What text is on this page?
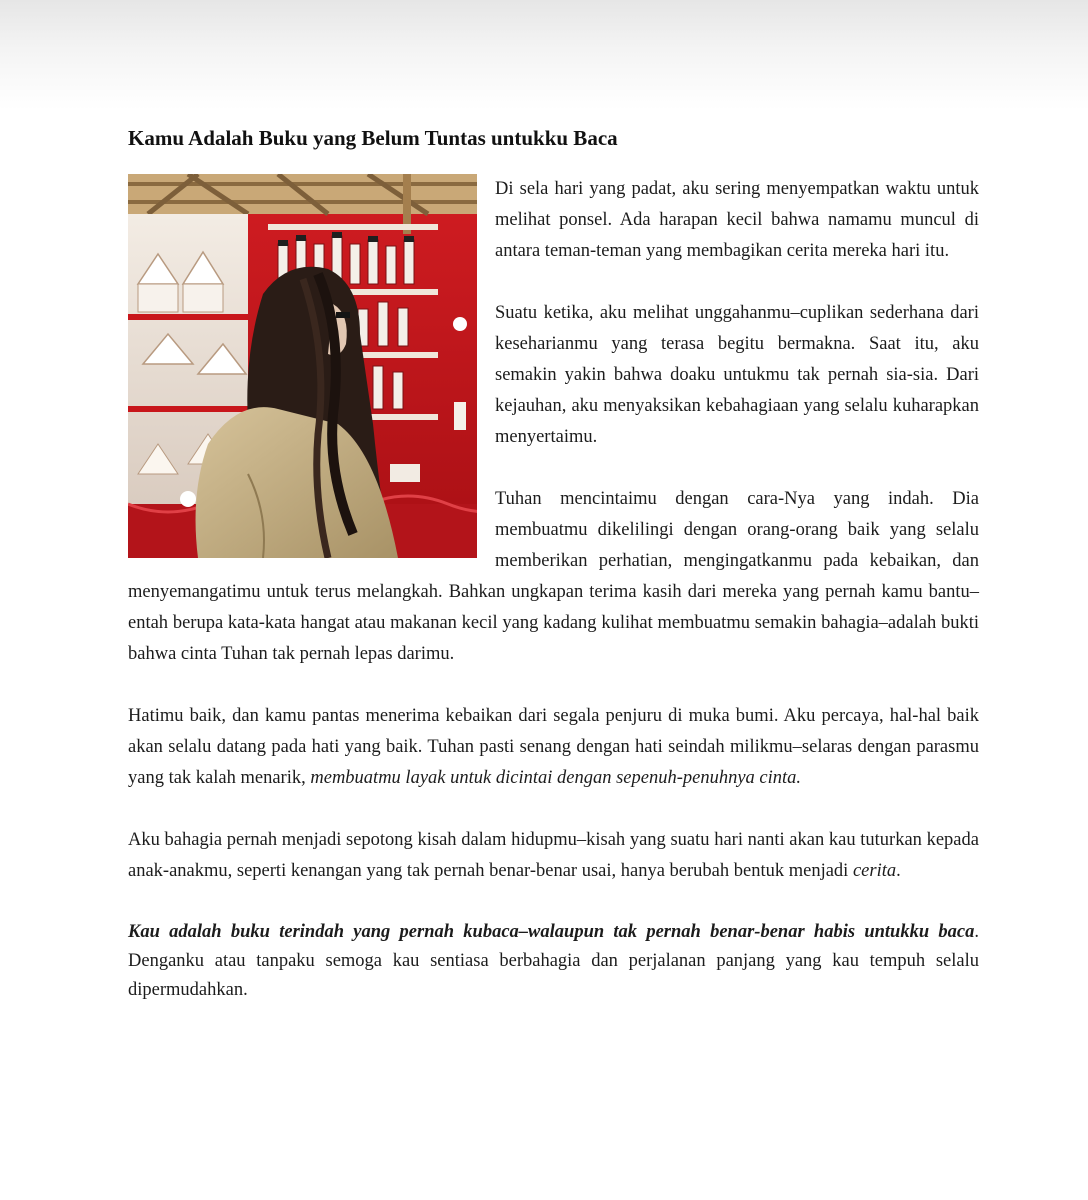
Kamu Adalah Buku yang Belum Tuntas untukku Baca

Di sela hari yang padat, aku sering menyempatkan waktu untuk melihat ponsel. Ada harapan kecil bahwa namamu muncul di antara teman-teman yang membagikan cerita mereka hari itu.

Suatu ketika, aku melihat unggahanmu–cuplikan sederhana dari keseharianmu yang terasa begitu bermakna. Saat itu, aku semakin yakin bahwa doaku untukmu tak pernah sia-sia. Dari kejauhan, aku menyaksikan kebahagiaan yang selalu kuharapkan menyertaimu.

Tuhan mencintaimu dengan cara-Nya yang indah. Dia membuatmu dikelilingi dengan orang-orang baik yang selalu memberikan perhatian, mengingatkanmu pada kebaikan, dan menyemangatimu untuk terus melangkah. Bahkan ungkapan terima kasih dari mereka yang pernah kamu bantu–entah berupa kata-kata hangat atau makanan kecil yang kadang kulihat membuatmu semakin bahagia–adalah bukti bahwa cinta Tuhan tak pernah lepas darimu.

Hatimu baik, dan kamu pantas menerima kebaikan dari segala penjuru di muka bumi. Aku percaya, hal-hal baik akan selalu datang pada hati yang baik. Tuhan pasti senang dengan hati seindah milikmu–selaras dengan parasmu yang tak kalah menarik, membuatmu layak untuk dicintai dengan sepenuh-penuhnya cinta.

Aku bahagia pernah menjadi sepotong kisah dalam hidupmu–kisah yang suatu hari nanti akan kau tuturkan kepada anak-anakmu, seperti kenangan yang tak pernah benar-benar usai, hanya berubah bentuk menjadi cerita.

Kau adalah buku terindah yang pernah kubaca–walaupun tak pernah benar-benar habis untukku baca. Denganku atau tanpaku semoga kau sentiasa berbahagia dan perjalanan panjang yang kau tempuh selalu dipermudahkan.
